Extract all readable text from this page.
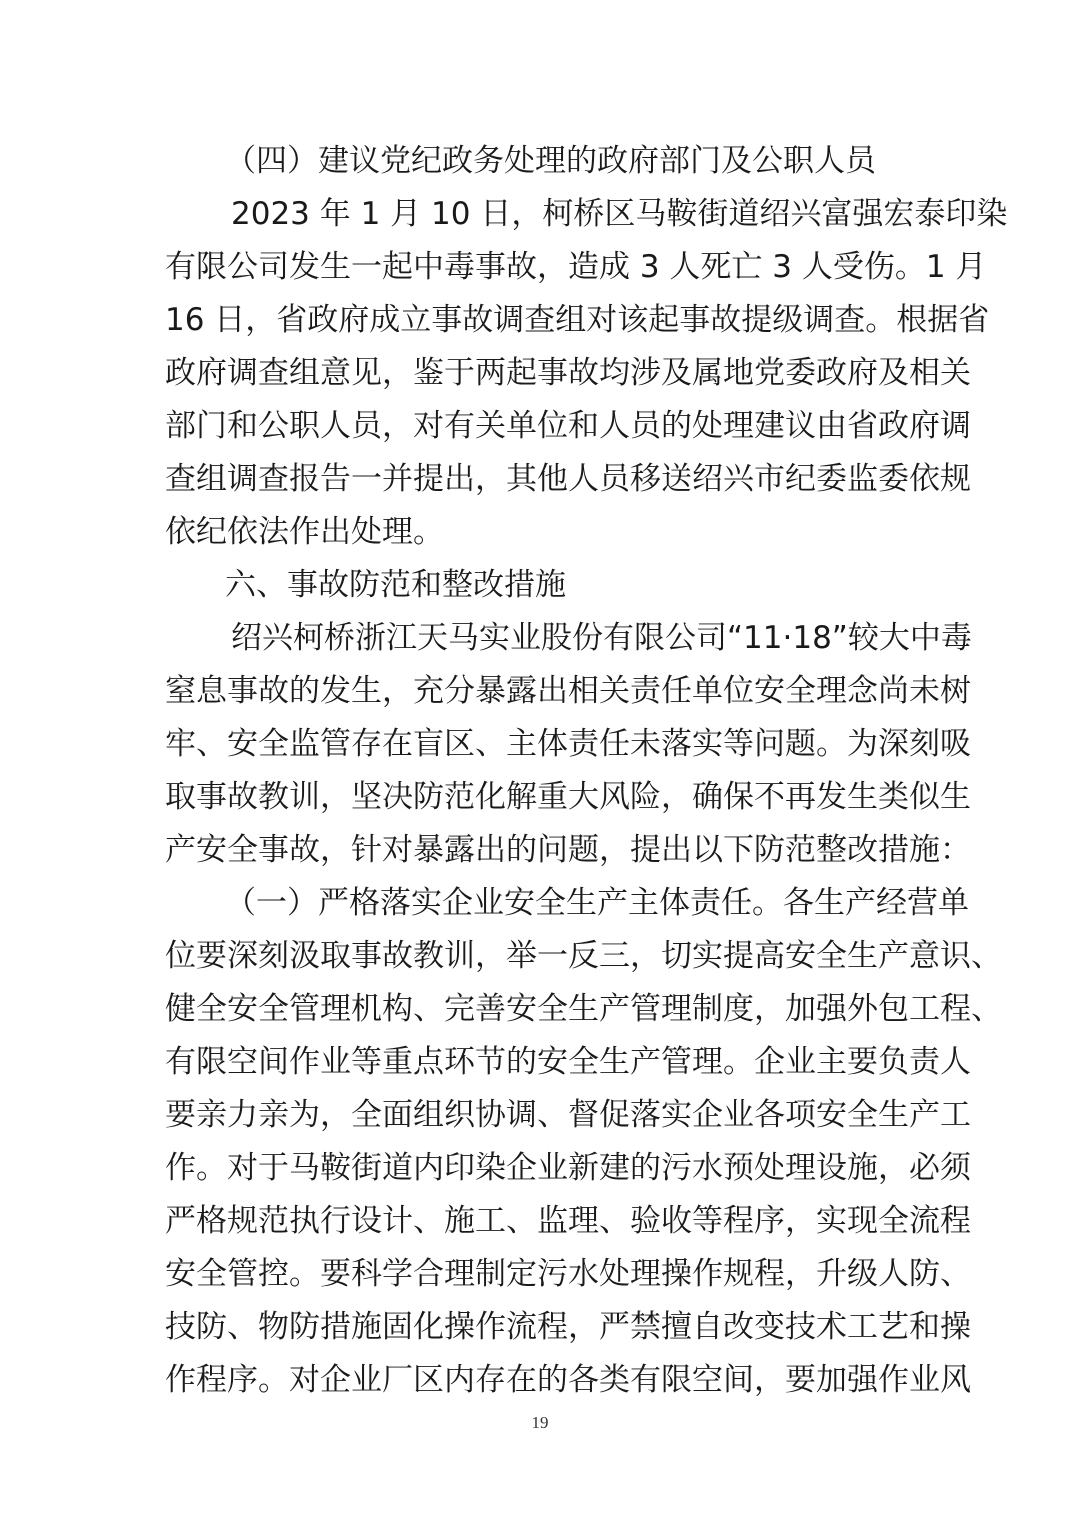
（四）建议党纪政务处理的政府部门及公职人员
2023 年 1 月 10 日，柯桥区马鞍街道绍兴富强宏泰印染
有限公司发生一起中毒事故，造成 3 人死亡 3 人受伤。1 月
16 日，省政府成立事故调查组对该起事故提级调查。根据省
政府调查组意见，鉴于两起事故均涉及属地党委政府及相关
部门和公职人员，对有关单位和人员的处理建议由省政府调
查组调查报告一并提出，其他人员移送绍兴市纪委监委依规
依纪依法作出处理。
六、事故防范和整改措施
绍兴柯桥浙江天马实业股份有限公司“11·18”较大中毒
窒息事故的发生，充分暴露出相关责任单位安全理念尚未树
牢、安全监管存在盲区、主体责任未落实等问题。为深刻吸
取事故教训，坚决防范化解重大风险，确保不再发生类似生
产安全事故，针对暴露出的问题，提出以下防范整改措施：
（一）严格落实企业安全生产主体责任。各生产经营单
位要深刻汲取事故教训，举一反三，切实提高安全生产意识、
健全安全管理机构、完善安全生产管理制度，加强外包工程、
有限空间作业等重点环节的安全生产管理。企业主要负责人
要亲力亲为，全面组织协调、督促落实企业各项安全生产工
作。对于马鞍街道内印染企业新建的污水预处理设施，必须
严格规范执行设计、施工、监理、验收等程序，实现全流程
安全管控。要科学合理制定污水处理操作规程，升级人防、
技防、物防措施固化操作流程，严禁擅自改变技术工艺和操
作程序。对企业厂区内存在的各类有限空间，要加强作业风
19
